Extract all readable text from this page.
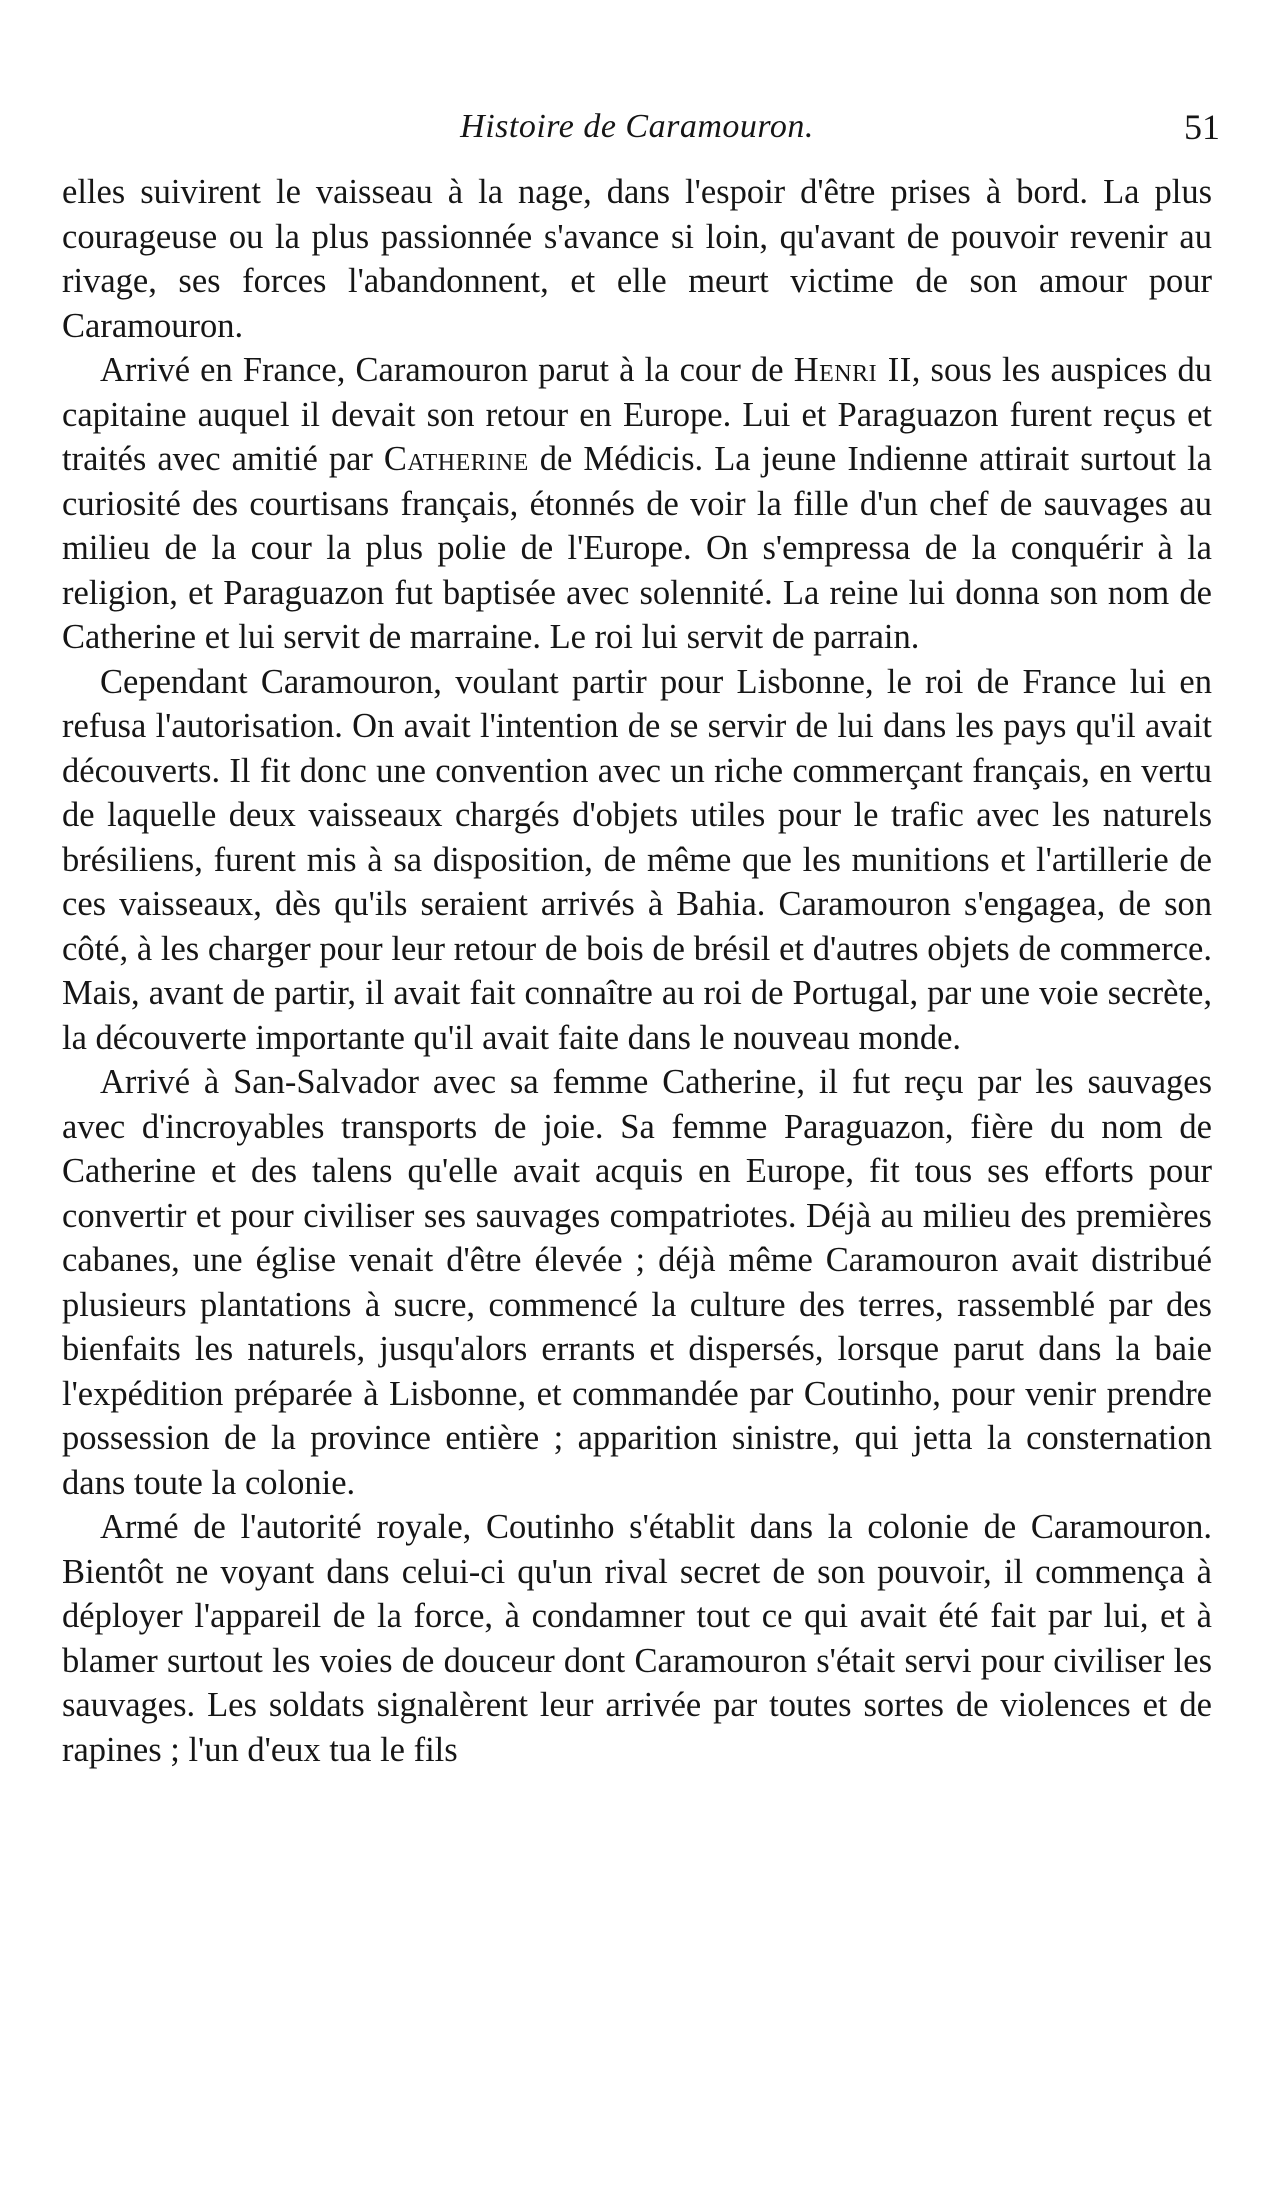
Histoire de Caramouron.	51

elles suivirent le vaisseau à la nage, dans l'espoir d'être prises à bord. La plus courageuse ou la plus passionnée s'avance si loin, qu'avant de pouvoir revenir au rivage, ses forces l'abandonnent, et elle meurt victime de son amour pour Caramouron.

Arrivé en France, Caramouron parut à la cour de Henri II, sous les auspices du capitaine auquel il devait son retour en Europe. Lui et Paraguazon furent reçus et traités avec amitié par Catherine de Médicis. La jeune Indienne attirait surtout la curiosité des courtisans français, étonnés de voir la fille d'un chef de sauvages au milieu de la cour la plus polie de l'Europe. On s'empressa de la conquérir à la religion, et Paraguazon fut baptisée avec solennité. La reine lui donna son nom de Catherine et lui servit de marraine. Le roi lui servit de parrain.

Cependant Caramouron, voulant partir pour Lisbonne, le roi de France lui en refusa l'autorisation. On avait l'intention de se servir de lui dans les pays qu'il avait découverts. Il fit donc une convention avec un riche commerçant français, en vertu de laquelle deux vaisseaux chargés d'objets utiles pour le trafic avec les naturels brésiliens, furent mis à sa disposition, de même que les munitions et l'artillerie de ces vaisseaux, dès qu'ils seraient arrivés à Bahia. Caramouron s'engagea, de son côté, à les charger pour leur retour de bois de brésil et d'autres objets de commerce. Mais, avant de partir, il avait fait connaître au roi de Portugal, par une voie secrète, la découverte importante qu'il avait faite dans le nouveau monde.

Arrivé à San-Salvador avec sa femme Catherine, il fut reçu par les sauvages avec d'incroyables transports de joie. Sa femme Paraguazon, fière du nom de Catherine et des talens qu'elle avait acquis en Europe, fit tous ses efforts pour convertir et pour civiliser ses sauvages compatriotes. Déjà au milieu des premières cabanes, une église venait d'être élevée ; déjà même Caramouron avait distribué plusieurs plantations à sucre, commencé la culture des terres, rassemblé par des bienfaits les naturels, jusqu'alors errants et dispersés, lorsque parut dans la baie l'expédition préparée à Lisbonne, et commandée par Coutinho, pour venir prendre possession de la province entière ; apparition sinistre, qui jetta la consternation dans toute la colonie.

Armé de l'autorité royale, Coutinho s'établit dans la colonie de Caramouron. Bientôt ne voyant dans celui-ci qu'un rival secret de son pouvoir, il commença à déployer l'appareil de la force, à condamner tout ce qui avait été fait par lui, et à blamer surtout les voies de douceur dont Caramouron s'était servi pour civiliser les sauvages. Les soldats signalèrent leur arrivée par toutes sortes de violences et de rapines ; l'un d'eux tua le fils
